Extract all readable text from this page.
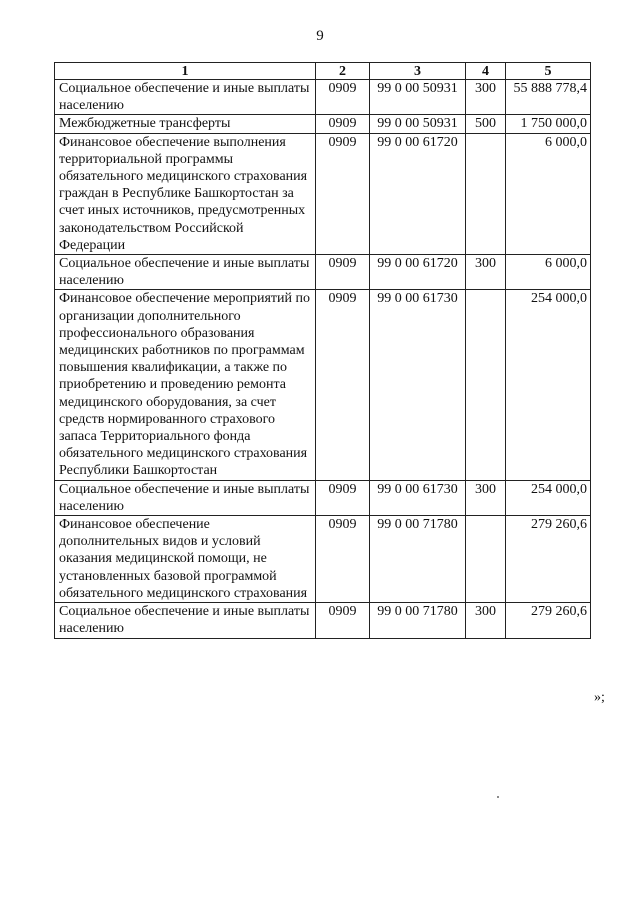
9
1	2	3	4	5
Социальное обеспечение и иные выплаты населению	0909	99 0 00 50931	300	55 888 778,4
Межбюджетные трансферты	0909	99 0 00 50931	500	1 750 000,0
Финансовое обеспечение выполнения территориальной программы обязательного медицинского страхования граждан в Республике Башкортостан за счет иных источников, предусмотренных законодательством Российской Федерации	0909	99 0 00 61720		6 000,0
Социальное обеспечение и иные выплаты населению	0909	99 0 00 61720	300	6 000,0
Финансовое обеспечение мероприятий по организации дополнительного профессионального образования медицинских работников по программам повышения квалификации, а также по приобретению и проведению ремонта медицинского оборудования, за счет средств нормированного страхового запаса Территориального фонда обязательного медицинского страхования Республики Башкортостан	0909	99 0 00 61730		254 000,0
Социальное обеспечение и иные выплаты населению	0909	99 0 00 61730	300	254 000,0
Финансовое обеспечение дополнительных видов и условий оказания медицинской помощи, не установленных базовой программой обязательного медицинского страхования	0909	99 0 00 71780		279 260,6
Социальное обеспечение и иные выплаты населению	0909	99 0 00 71780	300	279 260,6
»;
